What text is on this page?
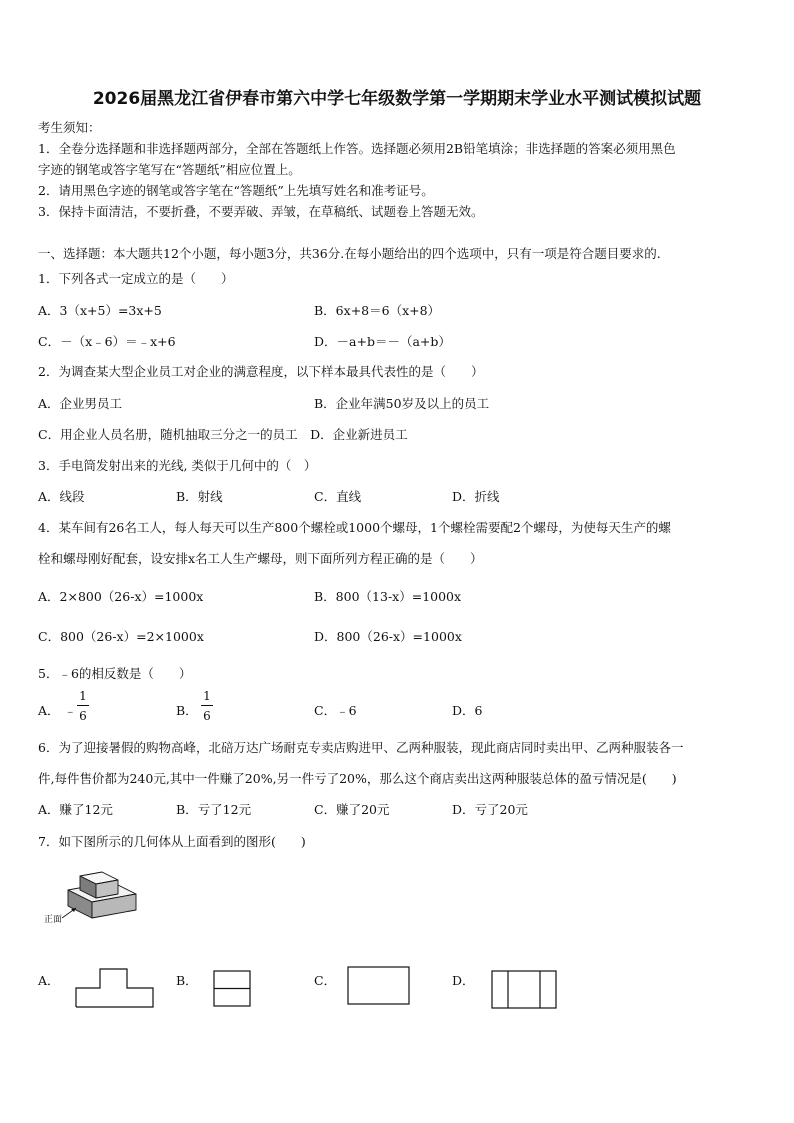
2026届黑龙江省伊春市第六中学七年级数学第一学期期末学业水平测试模拟试题
考生须知：
1．全卷分选择题和非选择题两部分，全部在答题纸上作答。选择题必须用2B铅笔填涂；非选择题的答案必须用黑色
字迹的钢笔或答字笔写在“答题纸”相应位置上。
2．请用黑色字迹的钢笔或答字笔在“答题纸”上先填写姓名和准考证号。
3．保持卡面清洁，不要折叠，不要弄破、弄皱，在草稿纸、试题卷上答题无效。
一、选择题：本大题共12个小题，每小题3分，共36分.在每小题给出的四个选项中，只有一项是符合题目要求的.
1．下列各式一定成立的是（　　）
A．3（x+5）=3x+5	B．6x+8＝6（x+8）
C．－（x﹣6）＝﹣x+6	D．－a+b＝－（a+b）
2．为调查某大型企业员工对企业的满意程度，以下样本最具代表性的是（　　）
A．企业男员工	B．企业年满50岁及以上的员工
C．用企业人员名册，随机抽取三分之一的员工　D．企业新进员工
3．手电筒发射出来的光线, 类似于几何中的（　）
A．线段	B．射线	C．直线	D．折线
4．某车间有26名工人，每人每天可以生产800个螺栓或1000个螺母，1个螺栓需要配2个螺母，为使每天生产的螺
栓和螺母刚好配套，设安排x名工人生产螺母，则下面所列方程正确的是（　　）
A．2×800（26-x）=1000x	B．800（13-x）=1000x
C．800（26-x）=2×1000x	D．800（26-x）=1000x
5．﹣6的相反数是（　　）
A． ﹣
1
6	B．
1
6	C．﹣6	D．6
6．为了迎接暑假的购物高峰，北碚万达广场耐克专卖店购进甲、乙两种服装，现此商店同时卖出甲、乙两种服装各一
件,每件售价都为240元,其中一件赚了20%,另一件亏了20%，那么这个商店卖出这两种服装总体的盈亏情况是(　　)
A．赚了12元	B．亏了12元	C．赚了20元	D．亏了20元
7．如下图所示的几何体从上面看到的图形(　　)
正面
A．	B．	C．	D．
